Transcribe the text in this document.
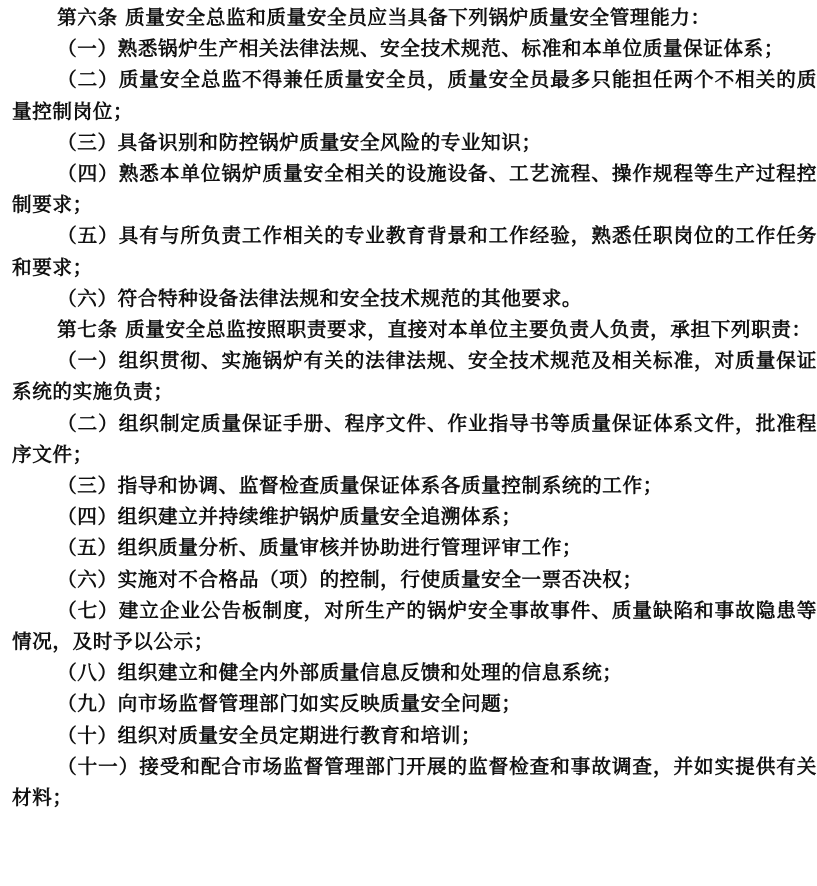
第六条 质量安全总监和质量安全员应当具备下列锅炉质量安全管理能力：

（一）熟悉锅炉生产相关法律法规、安全技术规范、标准和本单位质量保证体系；

（二）质量安全总监不得兼任质量安全员，质量安全员最多只能担任两个不相关的质量控制岗位；

（三）具备识别和防控锅炉质量安全风险的专业知识；

（四）熟悉本单位锅炉质量安全相关的设施设备、工艺流程、操作规程等生产过程控制要求；

（五）具有与所负责工作相关的专业教育背景和工作经验，熟悉任职岗位的工作任务和要求；

（六）符合特种设备法律法规和安全技术规范的其他要求。

第七条 质量安全总监按照职责要求，直接对本单位主要负责人负责，承担下列职责：

（一）组织贯彻、实施锅炉有关的法律法规、安全技术规范及相关标准，对质量保证系统的实施负责；

（二）组织制定质量保证手册、程序文件、作业指导书等质量保证体系文件，批准程序文件；

（三）指导和协调、监督检查质量保证体系各质量控制系统的工作；

（四）组织建立并持续维护锅炉质量安全追溯体系；

（五）组织质量分析、质量审核并协助进行管理评审工作；

（六）实施对不合格品（项）的控制，行使质量安全一票否决权；

（七）建立企业公告板制度，对所生产的锅炉安全事故事件、质量缺陷和事故隐患等情况，及时予以公示；

（八）组织建立和健全内外部质量信息反馈和处理的信息系统；

（九）向市场监督管理部门如实反映质量安全问题；

（十）组织对质量安全员定期进行教育和培训；

（十一）接受和配合市场监督管理部门开展的监督检查和事故调查，并如实提供有关材料；
